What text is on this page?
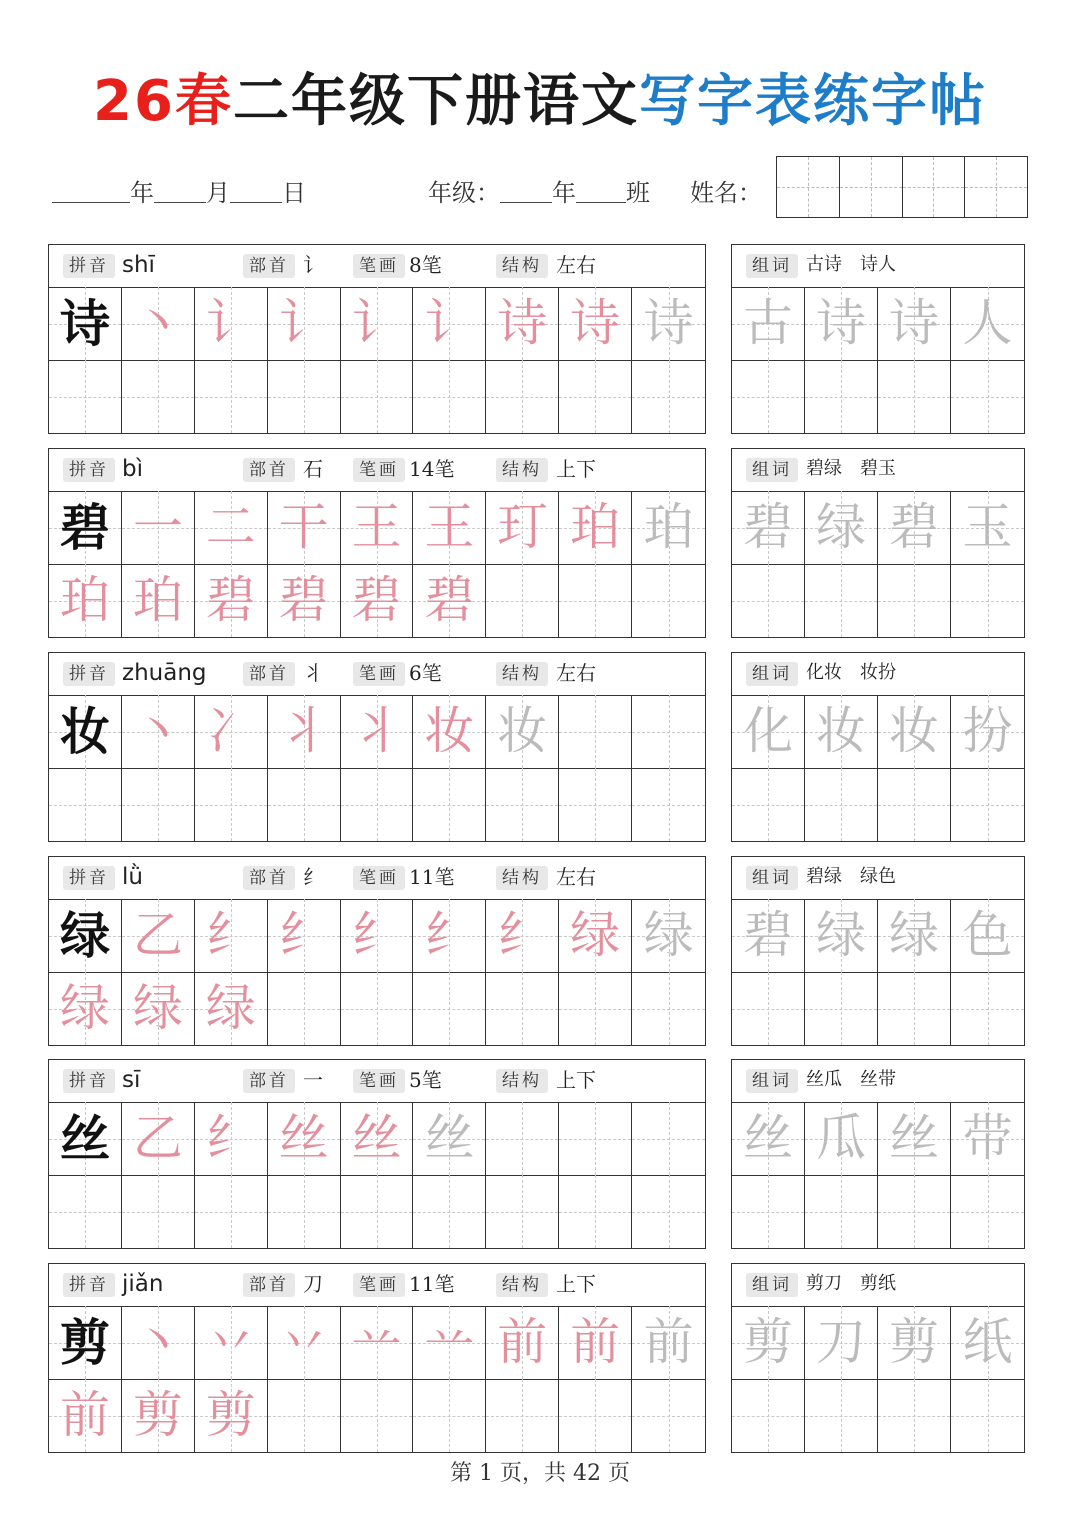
26春二年级下册语文写字表练字帖
年 月 日	年级： 年 班 姓名：
拼音 shī	部首 讠	笔画 8笔	结构 左右
诗 丶 讠 讠 讠 讠 诗 诗 诗
组词 古诗　诗人
古 诗 诗 人
拼音 bì	部首 石	笔画 14笔	结构 上下
碧 一 二 干 王 王 玎 珀 珀
珀 珀 碧 碧 碧 碧
组词 碧绿　碧玉
碧 绿 碧 玉
拼音 zhuāng	部首 丬	笔画 6笔	结构 左右
妆 丶 冫 丬 丬 妆 妆
组词 化妆　妆扮
化 妆 妆 扮
拼音 lǜ	部首 纟	笔画 11笔	结构 左右
绿 乙 纟 纟 纟 纟 纟 绿 绿
绿 绿 绿
组词 碧绿　绿色
碧 绿 绿 色
拼音 sī	部首 一	笔画 5笔	结构 上下
丝 乙 纟 丝 丝 丝
组词 丝瓜　丝带
丝 瓜 丝 带
拼音 jiǎn	部首 刀	笔画 11笔	结构 上下
剪 丶 丷 丷 䒑 䒑 前 前 前
前 剪 剪
组词 剪刀　剪纸
剪 刀 剪 纸
第 1 页，共 42 页
